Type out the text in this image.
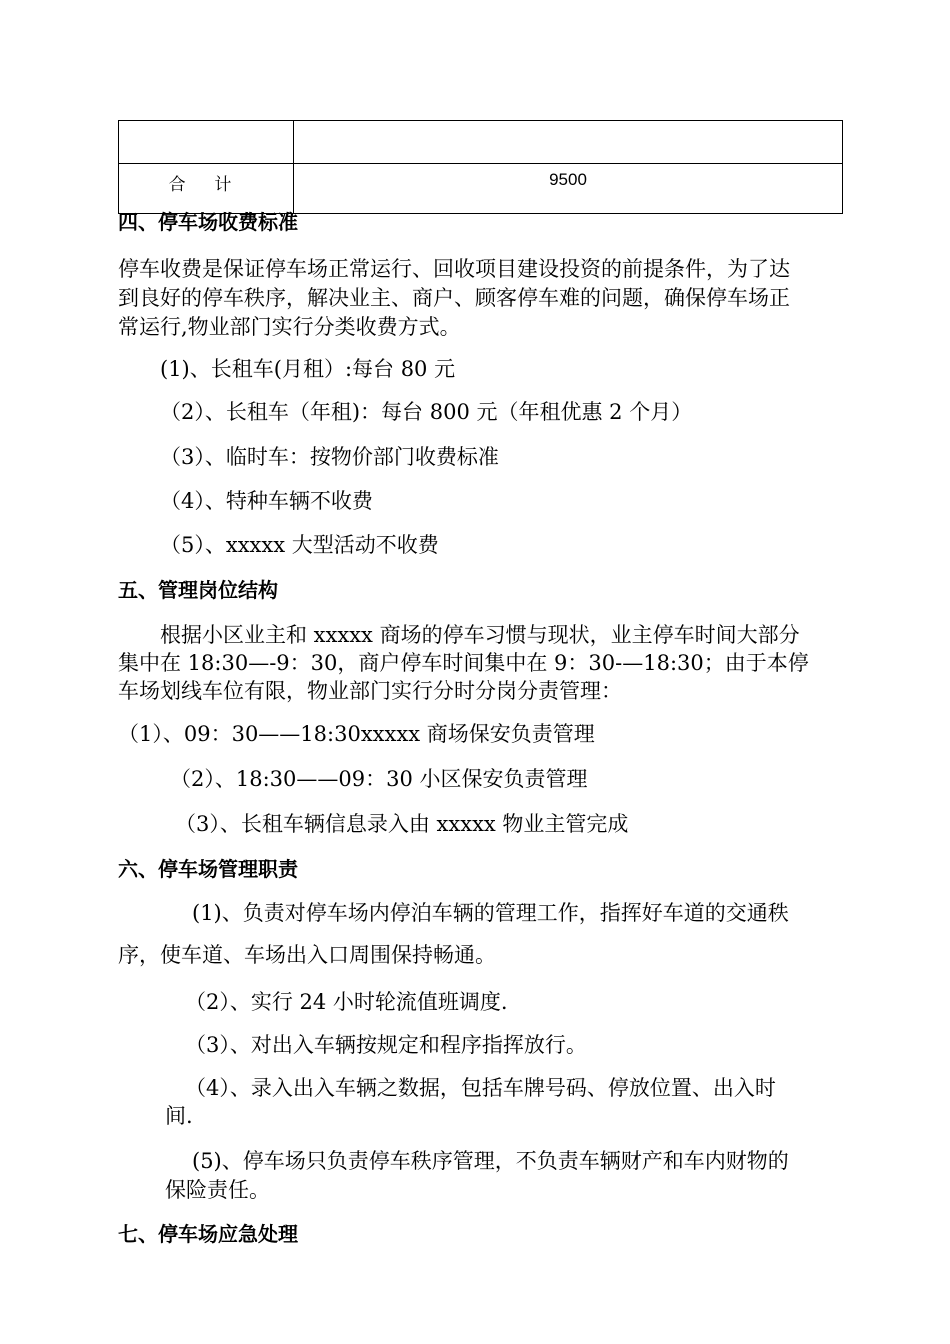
合 计	9500
四、停车场收费标准
停车收费是保证停车场正常运行、回收项目建设投资的前提条件，为了达
到良好的停车秩序，解决业主、商户、顾客停车难的问题，确保停车场正
常运行,物业部门实行分类收费方式。
(1)、长租车(月租）:每台 80 元
（2）、长租车（年租)：每台 800 元（年租优惠 2 个月）
（3）、临时车：按物价部门收费标准
（4）、特种车辆不收费
（5）、xxxxx 大型活动不收费
五、管理岗位结构
根据小区业主和 xxxxx 商场的停车习惯与现状，业主停车时间大部分
集中在 18:30—-9：30，商户停车时间集中在 9：30-—18:30；由于本停
车场划线车位有限，物业部门实行分时分岗分责管理：
（1）、09：30——18:30xxxxx 商场保安负责管理
（2）、18:30——09：30 小区保安负责管理
（3）、长租车辆信息录入由 xxxxx 物业主管完成
六、停车场管理职责
(1)、负责对停车场内停泊车辆的管理工作，指挥好车道的交通秩
序，使车道、车场出入口周围保持畅通。
（2）、实行 24 小时轮流值班调度.
（3）、对出入车辆按规定和程序指挥放行。
（4）、录入出入车辆之数据，包括车牌号码、停放位置、出入时
间.
(5)、停车场只负责停车秩序管理，不负责车辆财产和车内财物的
保险责任。
七、停车场应急处理
